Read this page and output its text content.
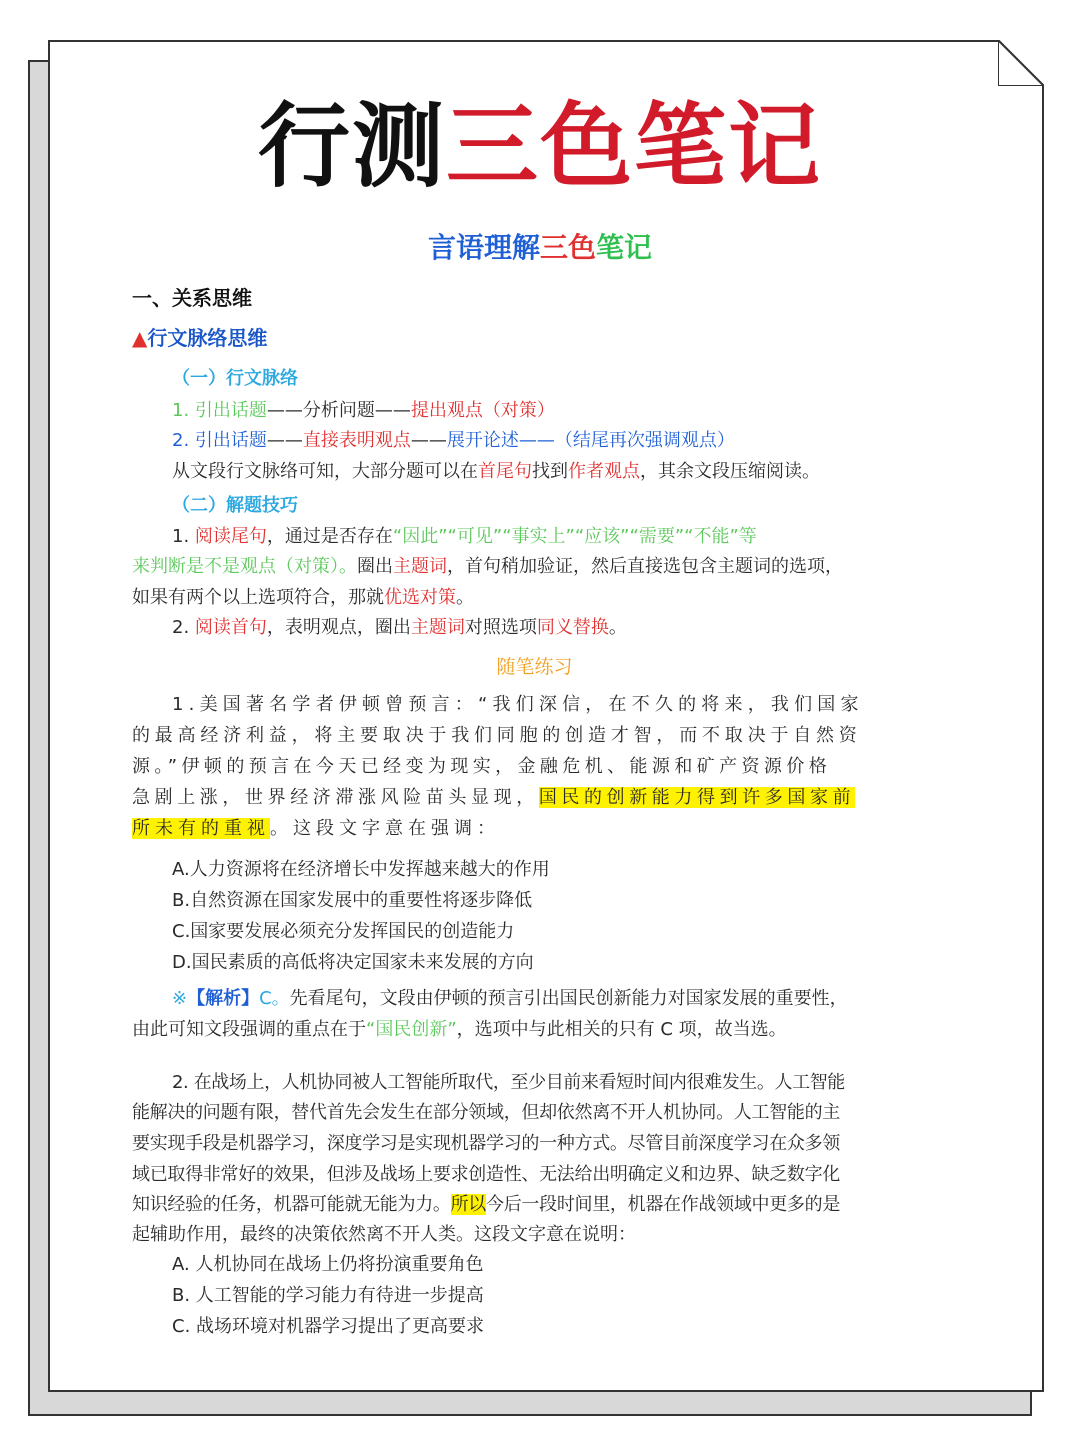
行测三色笔记
言语理解三色笔记
一、关系思维
▲行文脉络思维
（一）行文脉络
1. 引出话题——分析问题——提出观点（对策）
2. 引出话题——直接表明观点——展开论述——（结尾再次强调观点）
从文段行文脉络可知，大部分题可以在首尾句找到作者观点，其余文段压缩阅读。
（二）解题技巧
1. 阅读尾句，通过是否存在“因此”“可见”“事实上”“应该”“需要”“不能”等
来判断是不是观点（对策）。圈出主题词，首句稍加验证，然后直接选包含主题词的选项，
如果有两个以上选项符合，那就优选对策。
2. 阅读首句，表明观点，圈出主题词对照选项同义替换。
随笔练习
1.美国著名学者伊顿曾预言：“我们深信，在不久的将来，我们国家
的最高经济利益，将主要取决于我们同胞的创造才智，而不取决于自然资
源。”伊顿的预言在今天已经变为现实，金融危机、能源和矿产资源价格
急剧上涨，世界经济滞涨风险苗头显现，国民的创新能力得到许多国家前
所未有的重视。这段文字意在强调：
A.人力资源将在经济增长中发挥越来越大的作用
B.自然资源在国家发展中的重要性将逐步降低
C.国家要发展必须充分发挥国民的创造能力
D.国民素质的高低将决定国家未来发展的方向
※【解析】C。先看尾句，文段由伊顿的预言引出国民创新能力对国家发展的重要性，
由此可知文段强调的重点在于“国民创新”，选项中与此相关的只有 C 项，故当选。
2. 在战场上，人机协同被人工智能所取代，至少目前来看短时间内很难发生。人工智能
能解决的问题有限，替代首先会发生在部分领域，但却依然离不开人机协同。人工智能的主
要实现手段是机器学习，深度学习是实现机器学习的一种方式。尽管目前深度学习在众多领
域已取得非常好的效果，但涉及战场上要求创造性、无法给出明确定义和边界、缺乏数字化
知识经验的任务，机器可能就无能为力。所以今后一段时间里，机器在作战领域中更多的是
起辅助作用，最终的决策依然离不开人类。这段文字意在说明：
A. 人机协同在战场上仍将扮演重要角色
B. 人工智能的学习能力有待进一步提高
C. 战场环境对机器学习提出了更高要求
